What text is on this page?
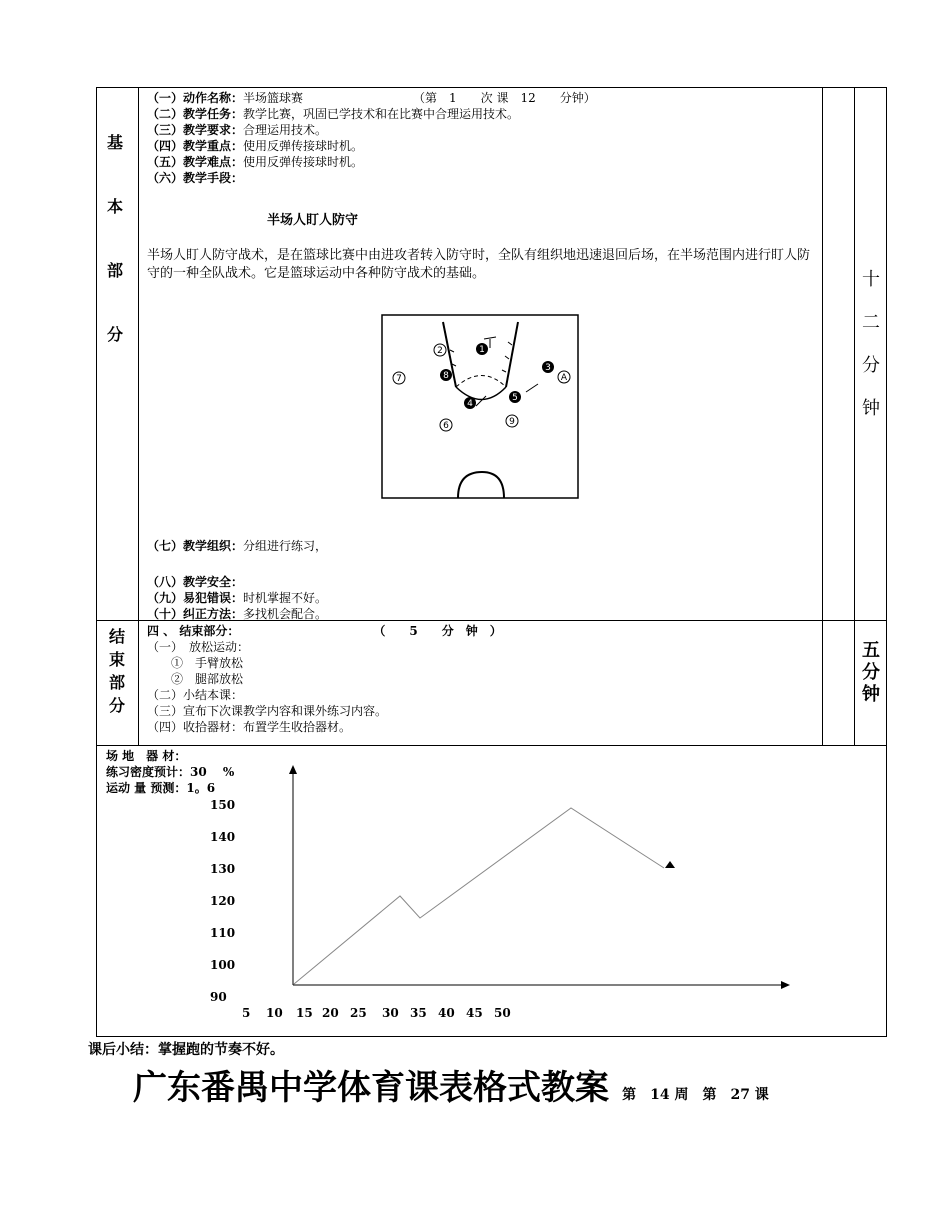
基
本
部
分
（一）动作名称：半场篮球赛	（第　1　　次 课　12　　分钟）
（二）教学任务：教学比赛，巩固已学技术和在比赛中合理运用技术。
（三）教学要求：合理运用技术。
（四）教学重点：使用反弹传接球时机。
（五）教学难点：使用反弹传接球时机。
（六）教学手段：
半场人盯人防守
半场人盯人防守战术，是在篮球比赛中由进攻者转入防守时，全队有组织地迅速退回后场，在半场范围内进行盯人防守的一种全队战术。它是篮球运动中各种防守战术的基础。
1
2
3
4
5
6
7	8
9
A
（七）教学组织：分组进行练习，
（八）教学安全：
（九）易犯错误：时机掌握不好。
（十）纠正方法：多找机会配合。
十
二
分
钟
结
束
部
分
四 、 结束部分：	（　　5　　分　钟　）
（一）　放松运动：
　　①　手臂放松
　　②　腿部放松
（二）小结本课：
（三）宣布下次课教学内容和课外练习内容。
（四）收拾器材：布置学生收拾器材。
五
分
钟
场 地　器 材：
练习密度预计：30　 %
运动 量 预测：1。6
150
140
130
120
110
100
90
5 10 15 20 25 30 35 40 45 50
课后小结：掌握跑的节奏不好。
广东番禺中学体育课表格式教案 第　14 周　第　27 课
